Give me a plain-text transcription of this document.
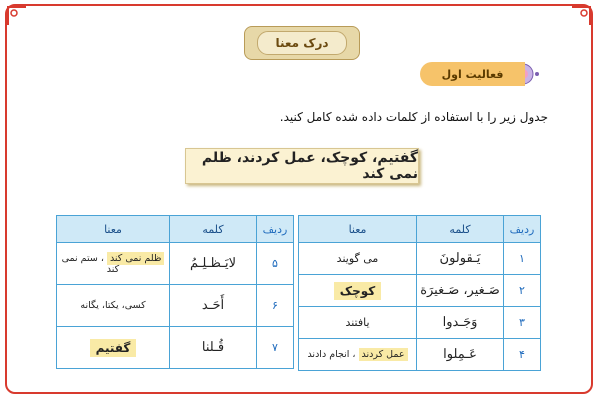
درک معنا
فعالیت اول
جدول زیر را با استفاده از کلمات داده شده کامل کنید.
گفتیم، کوچک، عمل کردند، ظلم نمی کند
ردیف	کلمه	معنا
۱	یَـقولونَ	می گویند
۲	صَـغیر، صَـغیرَة	کوچک
۳	وَجَـدوا	یافتند
۴	عَـمِلوا	عمل کردند ، انجام دادند
ردیف	کلمه	معنا
۵	لایَـظـلِـمُ	ظلم نمی کند ، ستم نمی کند
۶	أَحَـد	کسی، یکتا، یگانه
۷	قُـلنا	گفتیم
